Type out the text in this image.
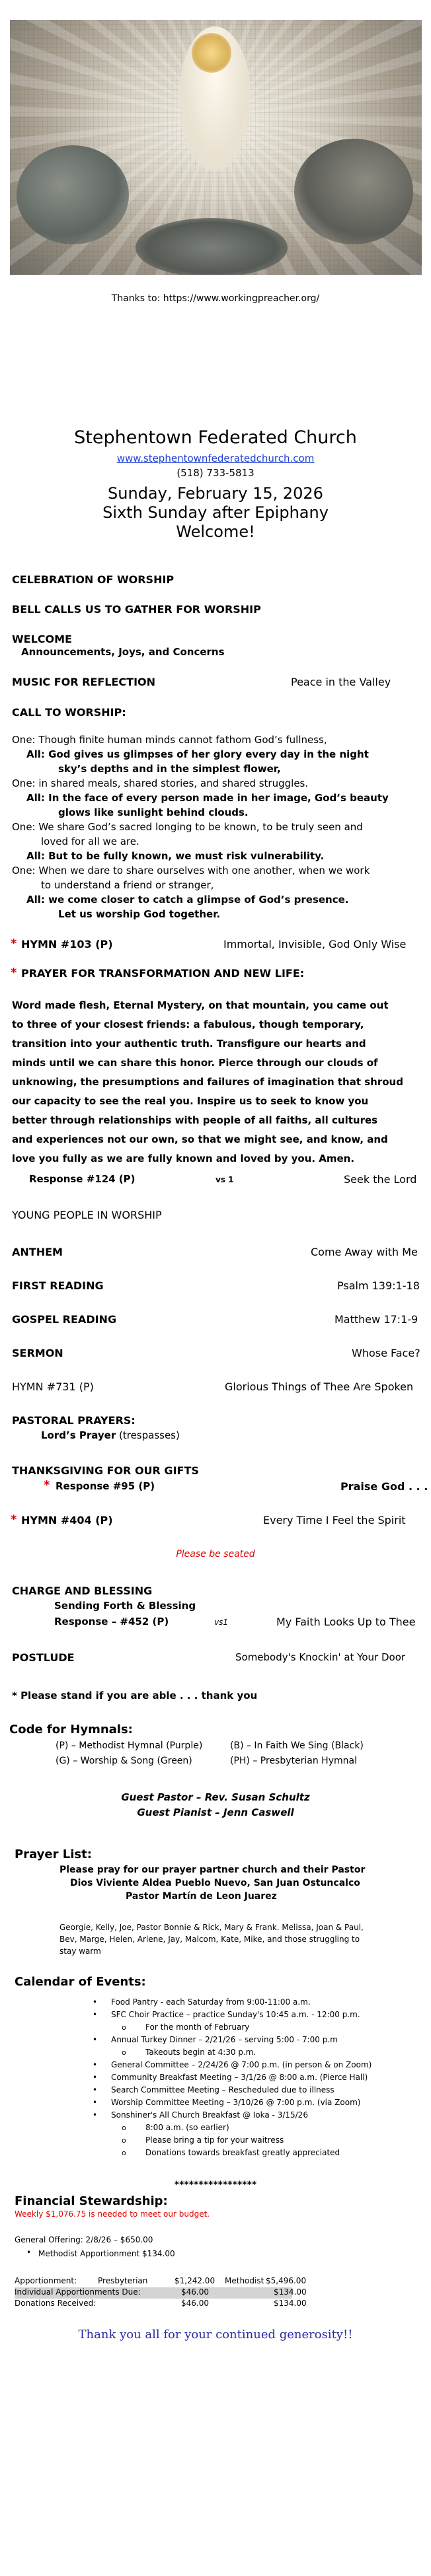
Thanks to: https://www.workingpreacher.org/

Stephentown Federated Church

www.stephentownfederatedchurch.com

(518) 733-5813

Sunday, February 15, 2026

Sixth Sunday after Epiphany

Welcome!

CELEBRATION OF WORSHIP

BELL CALLS US TO GATHER FOR WORSHIP

WELCOME

Announcements, Joys, and Concerns

MUSIC FOR REFLECTION	Peace in the Valley

CALL TO WORSHIP:

One: Though finite human minds cannot fathom God’s fullness,

All: God gives us glimpses of her glory every day in the night

sky’s depths and in the simplest flower,

One: in shared meals, shared stories, and shared struggles.

All: In the face of every person made in her image, God’s beauty

glows like sunlight behind clouds.

One: We share God’s sacred longing to be known, to be truly seen and

loved for all we are.

All: But to be fully known, we must risk vulnerability.

One: When we dare to share ourselves with one another, when we work

to understand a friend or stranger,

All: we come closer to catch a glimpse of God’s presence.

Let us worship God together.

* HYMN #103 (P)	Immortal, Invisible, God Only Wise

* PRAYER FOR TRANSFORMATION AND NEW LIFE:

Word made flesh, Eternal Mystery, on that mountain, you came out
to three of your closest friends: a fabulous, though temporary,
transition into your authentic truth. Transfigure our hearts and
minds until we can share this honor. Pierce through our clouds of
unknowing, the presumptions and failures of imagination that shroud
our capacity to see the real you. Inspire us to seek to know you
better through relationships with people of all faiths, all cultures
and experiences not our own, so that we might see, and know, and
love you fully as we are fully known and loved by you. Amen.

Response #124 (P)	vs 1	Seek the Lord

YOUNG PEOPLE IN WORSHIP

ANTHEM	Come Away with Me

FIRST READING	Psalm 139:1-18

GOSPEL READING	Matthew 17:1-9

SERMON	Whose Face?

HYMN #731 (P)	Glorious Things of Thee Are Spoken

PASTORAL PRAYERS:

Lord’s Prayer (trespasses)

THANKSGIVING FOR OUR GIFTS

* Response #95 (P)	Praise God . . .

* HYMN #404 (P)	Every Time I Feel the Spirit

Please be seated

CHARGE AND BLESSING

Sending Forth & Blessing

Response – #452 (P)	vs1	My Faith Looks Up to Thee

POSTLUDE	Somebody's Knockin' at Your Door

* Please stand if you are able . . . thank you

Code for Hymnals:

(P) – Methodist Hymnal (Purple)	(B) – In Faith We Sing (Black)

(G) – Worship & Song (Green)	(PH) – Presbyterian Hymnal

Guest Pastor – Rev. Susan Schultz

Guest Pianist – Jenn Caswell

Prayer List:

Please pray for our prayer partner church and their Pastor

Dios Viviente Aldea Pueblo Nuevo, San Juan Ostuncalco

Pastor Martín de Leon Juarez

Georgie, Kelly, Joe, Pastor Bonnie & Rick, Mary & Frank. Melissa, Joan & Paul, Bev, Marge, Helen, Arlene, Jay, Malcom, Kate, Mike, and those struggling to stay warm

Calendar of Events:

• Food Pantry - each Saturday from 9:00-11:00 a.m.
• SFC Choir Practice – practice Sunday's 10:45 a.m. - 12:00 p.m.
o For the month of February
• Annual Turkey Dinner – 2/21/26 – serving 5:00 - 7:00 p.m
o Takeouts begin at 4:30 p.m.
• General Committee – 2/24/26 @ 7:00 p.m. (in person & on Zoom)
• Community Breakfast Meeting – 3/1/26 @ 8:00 a.m. (Pierce Hall)
• Search Committee Meeting – Rescheduled due to illness
• Worship Committee Meeting – 3/10/26 @ 7:00 p.m. (via Zoom)
• Sonshiner's All Church Breakfast @ Ioka - 3/15/26
o 8:00 a.m. (so earlier)
o Please bring a tip for your waitress
o Donations towards breakfast greatly appreciated

*****************

Financial Stewardship:

Weekly $1,076.75 is needed to meet our budget.

General Offering: 2/8/26 – $650.00

Methodist Apportionment $134.00

•

Apportionment:	Presbyterian	$1,242.00 Methodist $5,496.00
Individual Apportionments Due:	$46.00	$134.00
Donations Received:	$46.00	$134.00

Thank you all for your continued generosity!!
